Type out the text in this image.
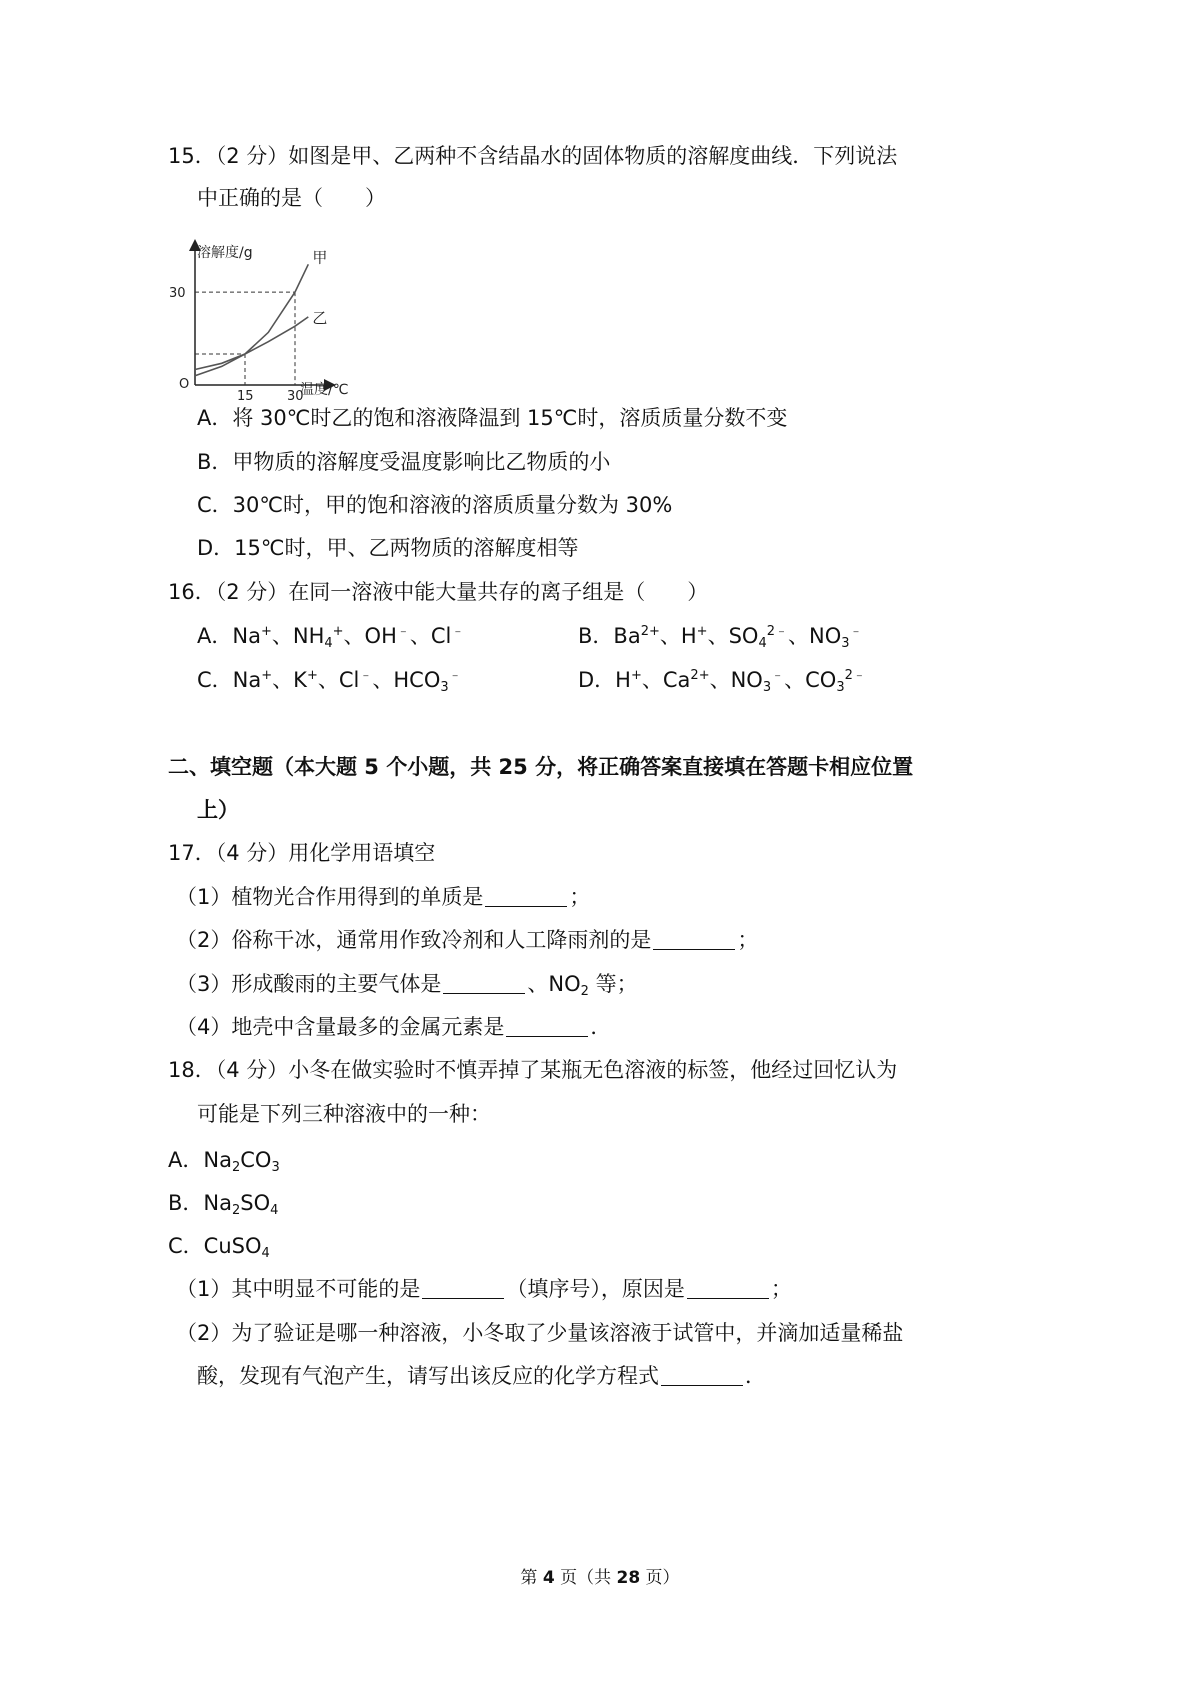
15．（2 分）如图是甲、乙两种不含结晶水的固体物质的溶解度曲线．下列说法
中正确的是（　　）
甲
乙
15	30
30
溶解度/g
温度/℃
O
A．将 30℃时乙的饱和溶液降温到 15℃时，溶质质量分数不变
B．甲物质的溶解度受温度影响比乙物质的小
C．30℃时，甲的饱和溶液的溶质质量分数为 30%
D．15℃时，甲、乙两物质的溶解度相等
16．（2 分）在同一溶液中能大量共存的离子组是（　　）
A．Na+、$NH_4^+$、OH﹣、Cl﹣	B．$Ba^{2+}$、H+、$SO_4^{2﹣}$、$NO_3^﹣$
C．Na+、K+、Cl﹣、$HCO_3^﹣$	D．H+、$Ca^{2+}$、$NO_3^﹣$、$CO_3^{2﹣}$
二、填空题（本大题 5 个小题，共 25 分，将正确答案直接填在答题卡相应位置
上）
17．（4 分）用化学用语填空
（1）植物光合作用得到的单质是	；
（2）俗称干冰，通常用作致冷剂和人工降雨剂的是	；
（3）形成酸雨的主要气体是	、$NO_2$ 等；
（4）地壳中含量最多的金属元素是	．
18．（4 分）小冬在做实验时不慎弄掉了某瓶无色溶液的标签，他经过回忆认为
可能是下列三种溶液中的一种：
A．$Na_2CO_3$
B．$Na_2SO_4$
C．CuSO$_4$
（1）其中明显不可能的是	（填序号），原因是	；
（2）为了验证是哪一种溶液，小冬取了少量该溶液于试管中，并滴加适量稀盐
酸，发现有气泡产生，请写出该反应的化学方程式	．
第 4 页（共 28 页）
